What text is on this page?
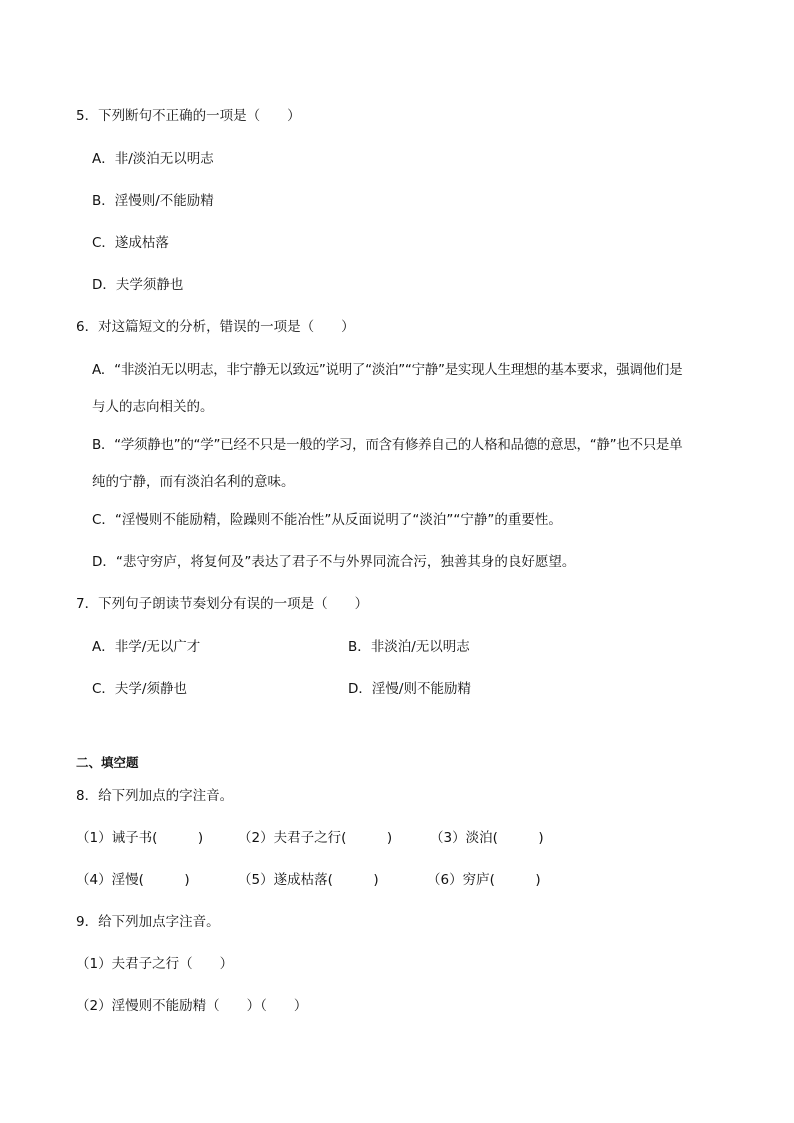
5．下列断句不正确的一项是（　　）
A．非/淡泊无以明志
B．淫慢则/不能励精
C．遂成枯落
D．夫学须静也
6．对这篇短文的分析，错误的一项是（　　）
A．“非淡泊无以明志，非宁静无以致远”说明了“淡泊”“宁静”是实现人生理想的基本要求，强调他们是
与人的志向相关的。
B．“学须静也”的“学”已经不只是一般的学习，而含有修养自己的人格和品德的意思，“静”也不只是单
纯的宁静，而有淡泊名利的意味。
C．“淫慢则不能励精，险躁则不能冶性”从反面说明了“淡泊”“宁静”的重要性。
D．“悲守穷庐，将复何及”表达了君子不与外界同流合污，独善其身的良好愿望。
7．下列句子朗读节奏划分有误的一项是（　　）
A．非学/无以广才	B．非淡泊/无以明志
C．夫学/须静也	D．淫慢/则不能励精
二、填空题
8．给下列加点的字注音。
（1）诫子书(　　　)	（2）夫君子之行(　　　)	（3）淡泊(　　　)
（4）淫慢(　　　)	（5）遂成枯落(　　　)	（6）穷庐(　　　)
9．给下列加点字注音。
（1）夫君子之行（　　）
（2）淫慢则不能励精（　　）（　　）
